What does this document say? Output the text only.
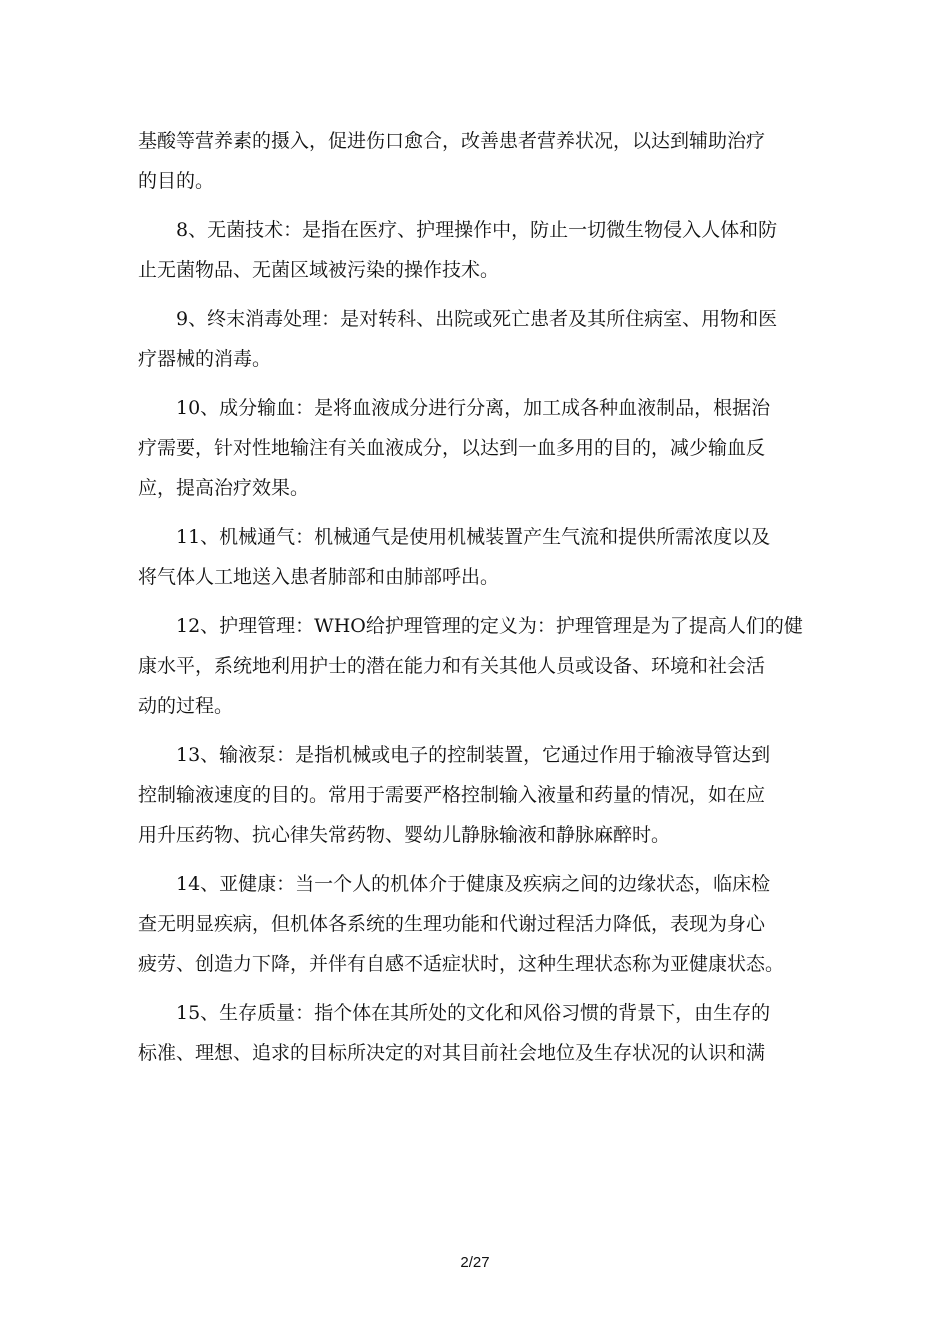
基酸等营养素的摄入，促进伤口愈合，改善患者营养状况，以达到辅助治疗
的目的。

8、无菌技术：是指在医疗、护理操作中，防止一切微生物侵入人体和防
止无菌物品、无菌区域被污染的操作技术。

9、终末消毒处理：是对转科、出院或死亡患者及其所住病室、用物和医
疗器械的消毒。

10、成分输血：是将血液成分进行分离，加工成各种血液制品，根据治
疗需要，针对性地输注有关血液成分，以达到一血多用的目的，减少输血反
应，提高治疗效果。

11、机械通气：机械通气是使用机械装置产生气流和提供所需浓度以及
将气体人工地送入患者肺部和由肺部呼出。

12、护理管理：WHO给护理管理的定义为：护理管理是为了提高人们的健
康水平，系统地利用护士的潜在能力和有关其他人员或设备、环境和社会活
动的过程。

13、输液泵：是指机械或电子的控制装置，它通过作用于输液导管达到
控制输液速度的目的。常用于需要严格控制输入液量和药量的情况，如在应
用升压药物、抗心律失常药物、婴幼儿静脉输液和静脉麻醉时。

14、亚健康：当一个人的机体介于健康及疾病之间的边缘状态，临床检
查无明显疾病，但机体各系统的生理功能和代谢过程活力降低，表现为身心
疲劳、创造力下降，并伴有自感不适症状时，这种生理状态称为亚健康状态。

15、生存质量：指个体在其所处的文化和风俗习惯的背景下，由生存的
标准、理想、追求的目标所决定的对其目前社会地位及生存状况的认识和满

2/27
